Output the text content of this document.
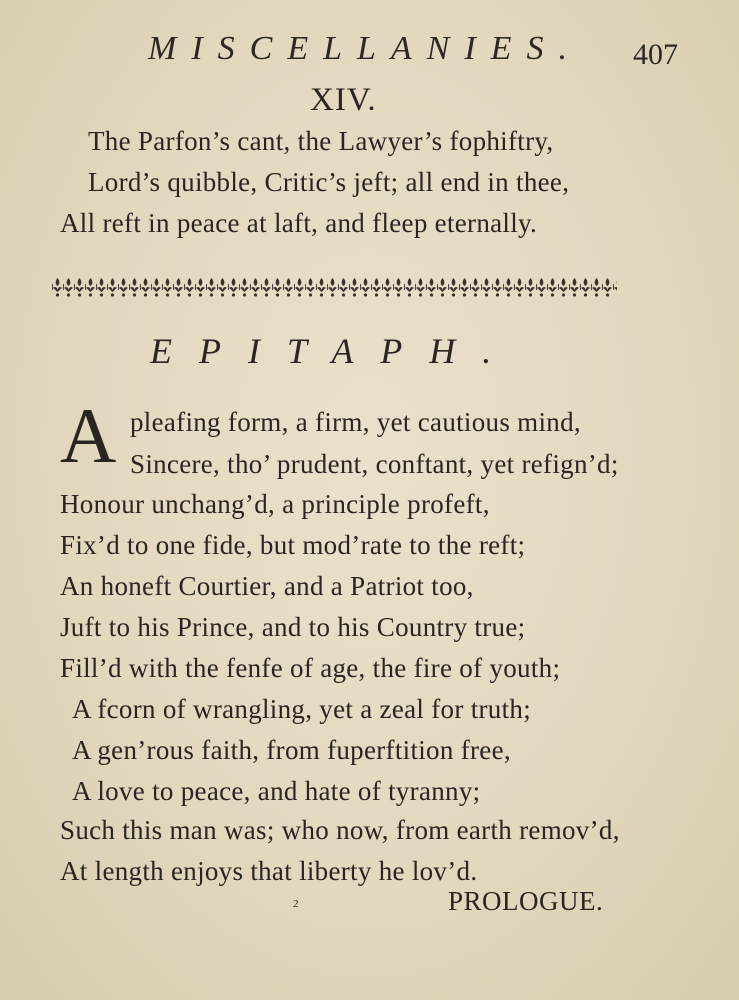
MISCELLANIES. 407
XIV.
The Parfon’s cant, the Lawyer’s fophiftry,
Lord’s quibble, Critic’s jeft; all end in thee,
All reft in peace at laft, and fleep eternally.
EPITAPH.
A pleafing form, a firm, yet cautious mind,
Sincere, tho’ prudent, conftant, yet refign’d;
Honour unchang’d, a principle profeft,
Fix’d to one fide, but mod’rate to the reft;
An honeft Courtier, and a Patriot too,
Juft to his Prince, and to his Country true;
Fill’d with the fenfe of age, the fire of youth;
A fcorn of wrangling, yet a zeal for truth;
A gen’rous faith, from fuperftition free,
A love to peace, and hate of tyranny;
Such this man was; who now, from earth remov’d,
At length enjoys that liberty he lov’d.
2	PROLOGUE.
